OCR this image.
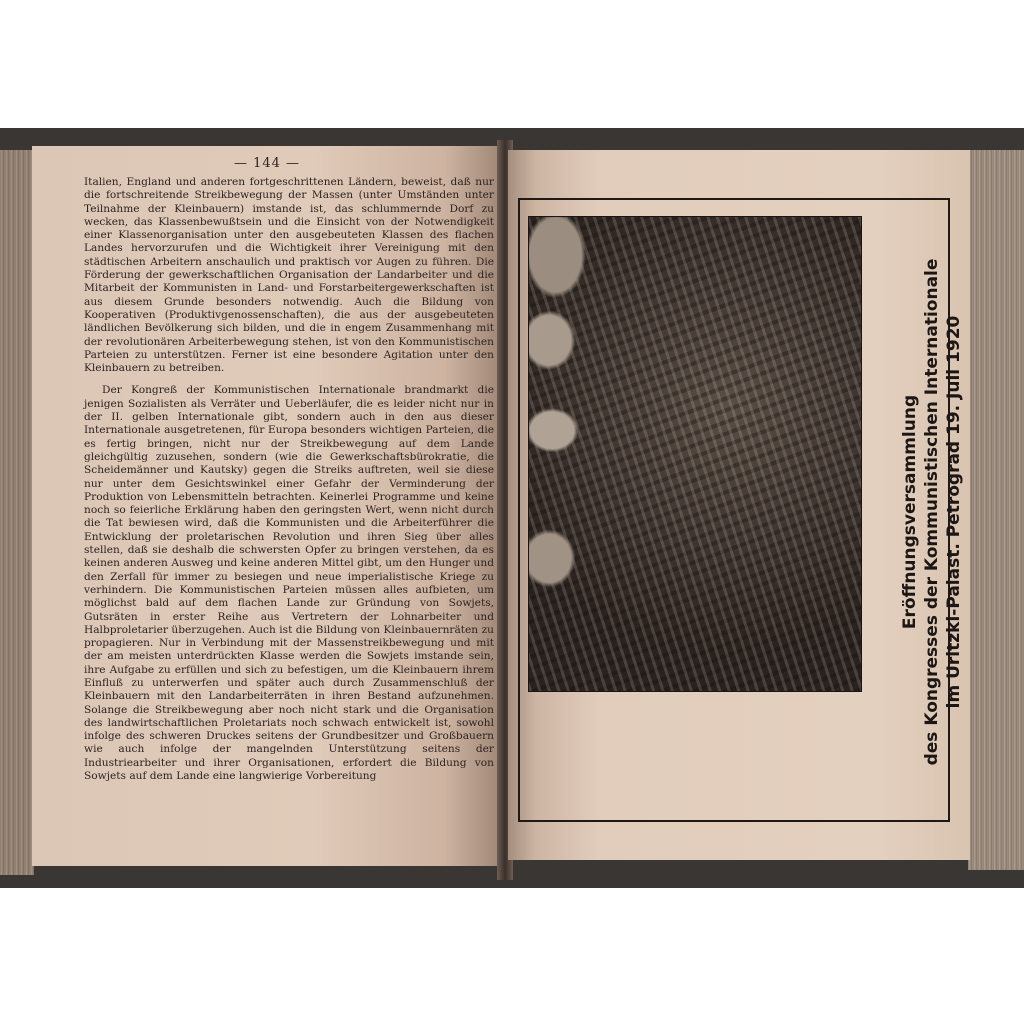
— 144 —

Italien, England und anderen fortgeschrittenen Ländern, beweist, daß nur die fortschreitende Streikbewegung der Massen (unter Umständen unter Teilnahme der Kleinbauern) imstande ist, das schlummernde Dorf zu wecken, das Klassenbewußtsein und die Einsicht von der Notwendigkeit einer Klassenorganisation unter den ausgebeuteten Klassen des flachen Landes hervorzurufen und die Wichtigkeit ihrer Vereinigung mit den städtischen Arbeitern anschaulich und praktisch vor Augen zu führen. Die Förderung der gewerkschaftlichen Organisation der Landarbeiter und die Mitarbeit der Kommunisten in Land- und Forstarbeitergewerkschaften ist aus diesem Grunde besonders notwendig. Auch die Bildung von Kooperativen (Produktivgenossenschaften), die aus der ausgebeuteten ländlichen Bevölkerung sich bilden, und die in engem Zusammenhang mit der revolutionären Arbeiterbewegung stehen, ist von den Kommunistischen Parteien zu unterstützen. Ferner ist eine besondere Agitation unter den Kleinbauern zu betreiben.

Der Kongreß der Kommunistischen Internationale brandmarkt die jenigen Sozialisten als Verräter und Ueberläufer, die es leider nicht nur in der II. gelben Internationale gibt, sondern auch in den aus dieser Internationale ausgetretenen, für Europa besonders wichtigen Parteien, die es fertig bringen, nicht nur der Streikbewegung auf dem Lande gleichgültig zuzusehen, sondern (wie die Gewerkschaftsbürokratie, die Scheidemänner und Kautsky) gegen die Streiks auftreten, weil sie diese nur unter dem Gesichtswinkel einer Gefahr der Verminderung der Produktion von Lebensmitteln betrachten. Keinerlei Programme und keine noch so feierliche Erklärung haben den geringsten Wert, wenn nicht durch die Tat bewiesen wird, daß die Kommunisten und die Arbeiterführer die Entwicklung der proletarischen Revolution und ihren Sieg über alles stellen, daß sie deshalb die schwersten Opfer zu bringen verstehen, da es keinen anderen Ausweg und keine anderen Mittel gibt, um den Hunger und den Zerfall für immer zu besiegen und neue imperialistische Kriege zu verhindern. Die Kommunistischen Parteien müssen alles aufbieten, um möglichst bald auf dem flachen Lande zur Gründung von Sowjets, Gutsräten in erster Reihe aus Vertretern der Lohnarbeiter und Halbproletarier überzugehen. Auch ist die Bildung von Kleinbauernräten zu propagieren. Nur in Verbindung mit der Massenstreikbewegung und mit der am meisten unterdrückten Klasse werden die Sowjets imstande sein, ihre Aufgabe zu erfüllen und sich zu befestigen, um die Kleinbauern ihrem Einfluß zu unterwerfen und später auch durch Zusammenschluß der Kleinbauern mit den Landarbeiterräten in ihren Bestand aufzunehmen. Solange die Streikbewegung aber noch nicht stark und die Organisation des landwirtschaftlichen Proletariats noch schwach entwickelt ist, sowohl infolge des schweren Druckes seitens der Grundbesitzer und Großbauern wie auch infolge der mangelnden Unterstützung seitens der Industriearbeiter und ihrer Organisationen, erfordert die Bildung von Sowjets auf dem Lande eine langwierige Vorbereitung

Eröffnungsversammlung des Kongresses der Kommunistischen Internationale im Uritzki-Palast. Petrograd 19. Juli 1920
